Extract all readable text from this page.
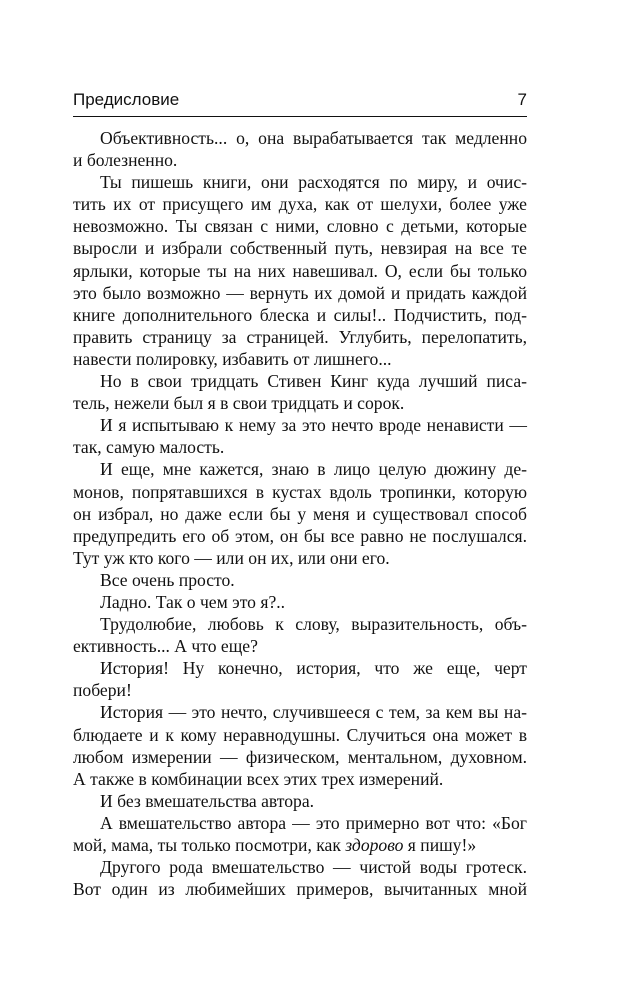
Предисловие	7

Объективность... о, она вырабатывается так медленно
и болезненно.

Ты пишешь книги, они расходятся по миру, и очис-
тить их от присущего им духа, как от шелухи, более уже
невозможно. Ты связан с ними, словно с детьми, которые
выросли и избрали собственный путь, невзирая на все те
ярлыки, которые ты на них навешивал. О, если бы только
это было возможно — вернуть их домой и придать каждой
книге дополнительного блеска и силы!.. Подчистить, под-
править страницу за страницей. Углубить, перелопатить,
навести полировку, избавить от лишнего...

Но в свои тридцать Стивен Кинг куда лучший писа-
тель, нежели был я в свои тридцать и сорок.

И я испытываю к нему за это нечто вроде ненависти —
так, самую малость.

И еще, мне кажется, знаю в лицо целую дюжину де-
монов, попрятавшихся в кустах вдоль тропинки, которую
он избрал, но даже если бы у меня и существовал способ
предупредить его об этом, он бы все равно не послушался.
Тут уж кто кого — или он их, или они его.

Все очень просто.

Ладно. Так о чем это я?..

Трудолюбие, любовь к слову, выразительность, объ-
ективность... А что еще?

История! Ну конечно, история, что же еще, черт
побери!

История — это нечто, случившееся с тем, за кем вы на-
блюдаете и к кому неравнодушны. Случиться она может в
любом измерении — физическом, ментальном, духовном.
А также в комбинации всех этих трех измерений.

И без вмешательства автора.

А вмешательство автора — это примерно вот что: «Бог
мой, мама, ты только посмотри, как здорово я пишу!»

Другого рода вмешательство — чистой воды гротеск.
Вот один из любимейших примеров, вычитанных мной
